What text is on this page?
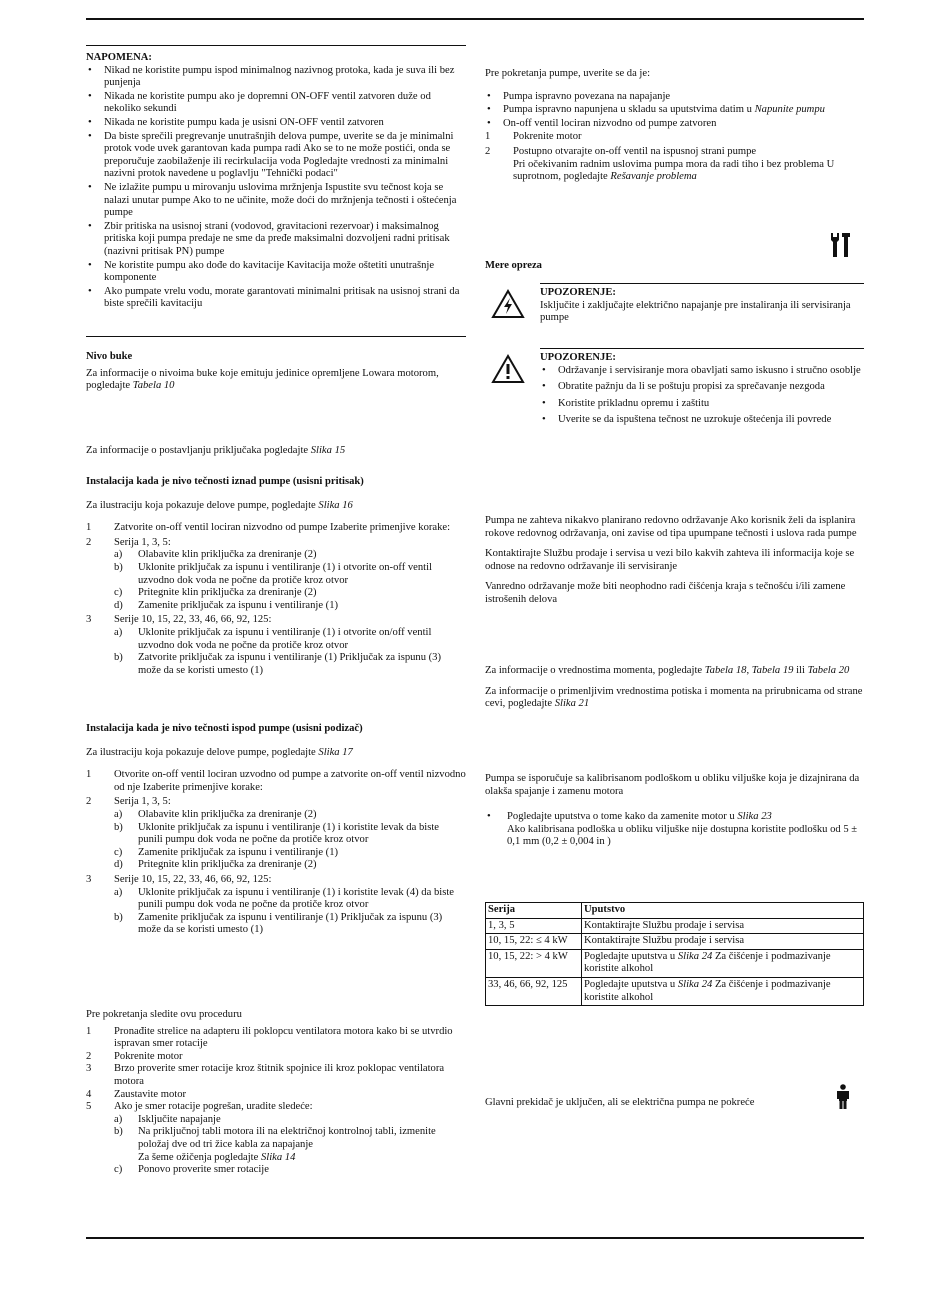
NAPOMENA:

• Nikad ne koristite pumpu ispod minimalnog nazivnog protoka, kada je suva ili bez punjenja
• Nikada ne koristite pumpu ako je dopremni ON-OFF ventil zatvoren duže od nekoliko sekundi
• Nikada ne koristite pumpu kada je usisni ON-OFF ventil zatvoren
• Da biste sprečili pregrevanje unutrašnjih delova pumpe, uverite se da je minimalni protok vode uvek garantovan kada pumpa radi Ako se to ne može postići, onda se preporučuje zaobilaženje ili recirkulacija voda Pogledajte vrednosti za minimalni nazivni protok navedene u poglavlju "Tehnički podaci"
• Ne izlažite pumpu u mirovanju uslovima mržnjenja Ispustite svu tečnost koja se nalazi unutar pumpe Ako to ne učinite, može doći do mržnjenja tečnosti i oštećenja pumpe
• Zbir pritiska na usisnoj strani (vodovod, gravitacioni rezervoar) i maksimalnog pritiska koji pumpa predaje ne sme da pređe maksimalni dozvoljeni radni pritisak (nazivni pritisak PN) pumpe
• Ne koristite pumpu ako dođe do kavitacije Kavitacija može oštetiti unutrašnje komponente
• Ako pumpate vrelu vodu, morate garantovati minimalni pritisak na usisnoj strani da biste sprečili kavitaciju

Nivo buke

Za informacije o nivoima buke koje emituju jedinice opremljene Lowara motorom, pogledajte Tabela 10

Za informacije o postavljanju priključaka pogledajte Slika 15

Instalacija kada je nivo tečnosti iznad pumpe (usisni pritisak)

Za ilustraciju koja pokazuje delove pumpe, pogledajte Slika 16

1 Zatvorite on-off ventil lociran nizvodno od pumpe Izaberite primenjive korake:
2 Serija 1, 3, 5:
a) Olabavite klin priključka za dreniranje (2)
b) Uklonite priključak za ispunu i ventiliranje (1) i otvorite on-off ventil uzvodno dok voda ne počne da protiče kroz otvor
c) Pritegnite klin priključka za dreniranje (2)
d) Zamenite priključak za ispunu i ventiliranje (1)
3 Serije 10, 15, 22, 33, 46, 66, 92, 125:
a) Uklonite priključak za ispunu i ventiliranje (1) i otvorite on/off ventil uzvodno dok voda ne počne da protiče kroz otvor
b) Zatvorite priključak za ispunu i ventiliranje (1) Priključak za ispunu (3) može da se koristi umesto (1)

Instalacija kada je nivo tečnosti ispod pumpe (usisni podizač)

Za ilustraciju koja pokazuje delove pumpe, pogledajte Slika 17

1 Otvorite on-off ventil lociran uzvodno od pumpe a zatvorite on-off ventil nizvodno od nje Izaberite primenjive korake:
2 Serija 1, 3, 5:
a) Olabavite klin priključka za dreniranje (2)
b) Uklonite priključak za ispunu i ventiliranje (1) i koristite levak da biste punili pumpu dok voda ne počne da protiče kroz otvor
c) Zamenite priključak za ispunu i ventiliranje (1)
d) Pritegnite klin priključka za dreniranje (2)
3 Serije 10, 15, 22, 33, 46, 66, 92, 125:
a) Uklonite priključak za ispunu i ventiliranje (1) i koristite levak (4) da biste punili pumpu dok voda ne počne da protiče kroz otvor
b) Zamenite priključak za ispunu i ventiliranje (1) Priključak za ispunu (3) može da se koristi umesto (1)

Pre pokretanja sledite ovu proceduru

1 Pronađite strelice na adapteru ili poklopcu ventilatora motora kako bi se utvrdio ispravan smer rotacije
2 Pokrenite motor
3 Brzo proverite smer rotacije kroz štitnik spojnice ili kroz poklopac ventilatora motora
4 Zaustavite motor
5 Ako je smer rotacije pogrešan, uradite sledeće:
a) Isključite napajanje
b) Na priključnoj tabli motora ili na električnoj kontrolnoj tabli, izmenite položaj dve od tri žice kabla za napajanje
Za šeme ožičenja pogledajte Slika 14
c) Ponovo proverite smer rotacije

Pre pokretanja pumpe, uverite se da je:

• Pumpa ispravno povezana na napajanje
• Pumpa ispravno napunjena u skladu sa uputstvima datim u Napunite pumpu
• On-off ventil lociran nizvodno od pumpe zatvoren
1 Pokrenite motor
2 Postupno otvarajte on-off ventil na ispusnoj strani pumpe
Pri očekivanim radnim uslovima pumpa mora da radi tiho i bez problema U suprotnom, pogledajte Rešavanje problema

Mere opreza

UPOZORENJE:

Isključite i zaključajte električno napajanje pre instaliranja ili servisiranja pumpe

UPOZORENJE:

• Održavanje i servisiranje mora obavljati samo iskusno i stručno osoblje
• Obratite pažnju da li se poštuju propisi za sprečavanje nezgoda
• Koristite prikladnu opremu i zaštitu
• Uverite se da ispuštena tečnost ne uzrokuje oštećenja ili povrede

Pumpa ne zahteva nikakvo planirano redovno održavanje Ako korisnik želi da isplanira rokove redovnog održavanja, oni zavise od tipa upumpane tečnosti i uslova rada pumpe

Kontaktirajte Službu prodaje i servisa u vezi bilo kakvih zahteva ili informacija koje se odnose na redovno održavanje ili servisiranje

Vanredno održavanje može biti neophodno radi čišćenja kraja s tečnošću i/ili zamene istrošenih delova

Za informacije o vrednostima momenta, pogledajte Tabela 18, Tabela 19 ili Tabela 20

Za informacije o primenljivim vrednostima potiska i momenta na prirubnicama od strane cevi, pogledajte Slika 21

Pumpa se isporučuje sa kalibrisanom podloškom u obliku viljuške koja je dizajnirana da olakša spajanje i zamenu motora

• Pogledajte uputstva o tome kako da zamenite motor u Slika 23
Ako kalibrisana podloška u obliku viljuške nije dostupna koristite podlošku od 5 ± 0,1 mm (0,2 ± 0,004 in )
Serija	Uputstvo
1, 3, 5	Kontaktirajte Službu prodaje i servisa
10, 15, 22: ≤ 4 kW	Kontaktirajte Službu prodaje i servisa
10, 15, 22: > 4 kW	Pogledajte uputstva u Slika 24 Za čišćenje i podmazivanje koristite alkohol
33, 46, 66, 92, 125	Pogledajte uputstva u Slika 24 Za čišćenje i podmazivanje koristite alkohol

Glavni prekidač je uključen, ali se električna pumpa ne pokreće
